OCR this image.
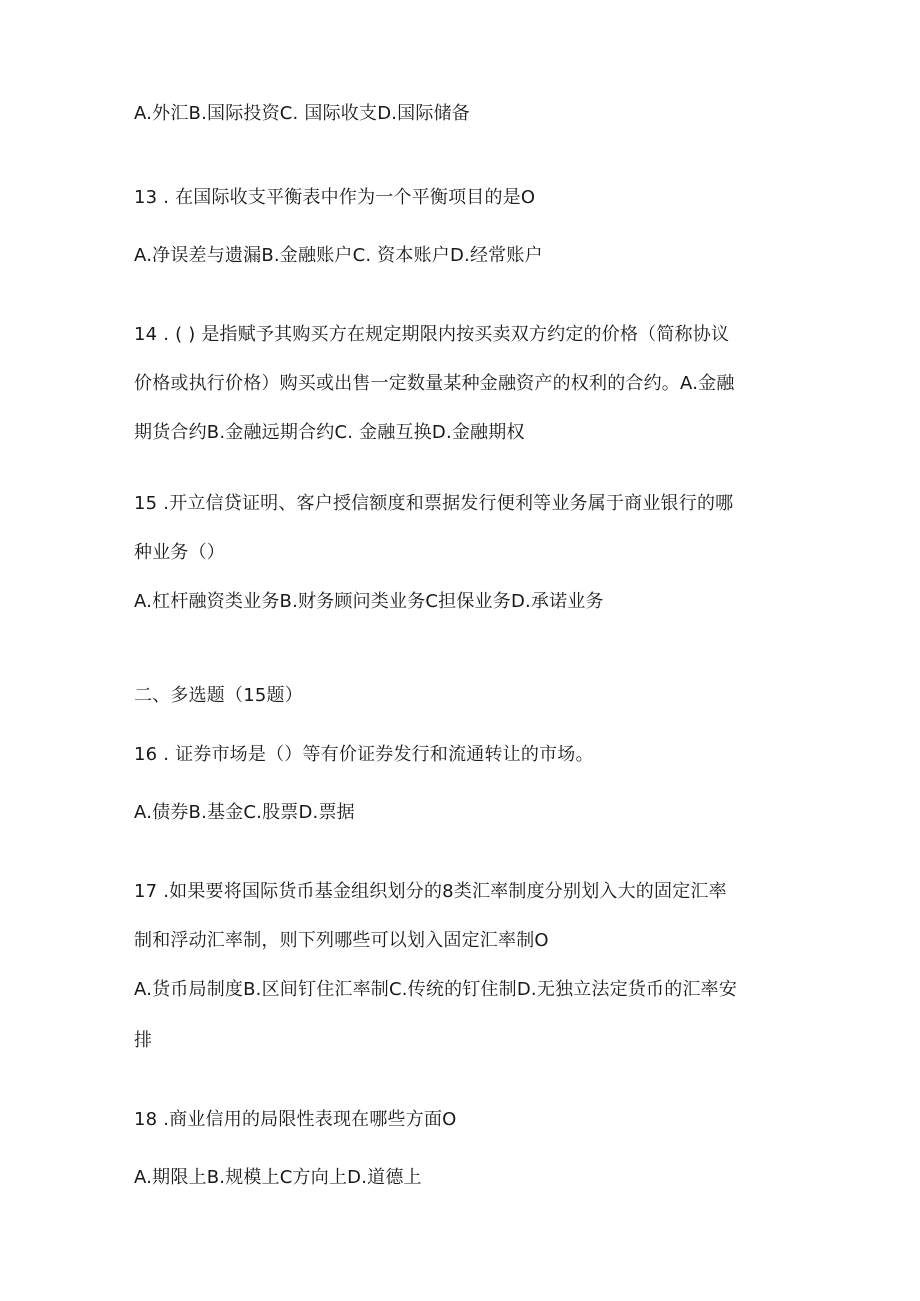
A.外汇B.国际投资C. 国际收支D.国际储备
13 . 在国际收支平衡表中作为一个平衡项目的是O
A.净误差与遗漏B.金融账户C. 资本账户D.经常账户
14 . ( ) 是指赋予其购买方在规定期限内按买卖双方约定的价格（简称协议
价格或执行价格）购买或出售一定数量某种金融资产的权利的合约。A.金融
期货合约B.金融远期合约C. 金融互换D.金融期权
15 .开立信贷证明、客户授信额度和票据发行便利等业务属于商业银行的哪
种业务（）
A.杠杆融资类业务B.财务顾问类业务C担保业务D.承诺业务
二、多选题（15题）
16 . 证券市场是（）等有价证券发行和流通转让的市场。
A.债券B.基金C.股票D.票据
17 .如果要将国际货币基金组织划分的8类汇率制度分别划入大的固定汇率
制和浮动汇率制，则下列哪些可以划入固定汇率制O
A.货币局制度B.区间钉住汇率制C.传统的钉住制D.无独立法定货币的汇率安
排
18 .商业信用的局限性表现在哪些方面O
A.期限上B.规模上C方向上D.道德上
